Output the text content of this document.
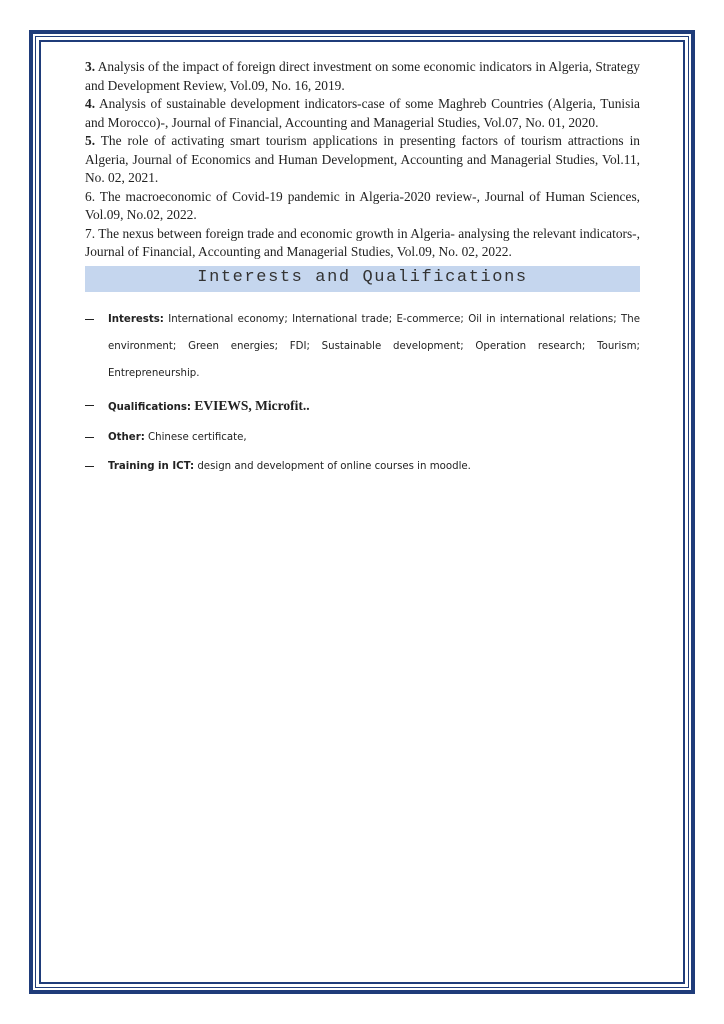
3. Analysis of the impact of foreign direct investment on some economic indicators in Algeria, Strategy and Development Review, Vol.09, No. 16, 2019.

4. Analysis of sustainable development indicators-case of some Maghreb Countries (Algeria, Tunisia and Morocco)-, Journal of Financial, Accounting and Managerial Studies, Vol.07, No. 01, 2020.

5. The role of activating smart tourism applications in presenting factors of tourism attractions in Algeria, Journal of Economics and Human Development, Accounting and Managerial Studies, Vol.11, No. 02, 2021.

6. The macroeconomic of Covid-19 pandemic in Algeria-2020 review-, Journal of Human Sciences, Vol.09, No.02, 2022.

7. The nexus between foreign trade and economic growth in Algeria- analysing the relevant indicators-, Journal of Financial, Accounting and Managerial Studies, Vol.09, No. 02, 2022.

Interests and Qualifications
Interests: International economy; International trade; E-commerce; Oil in international relations; The environment; Green energies; FDI; Sustainable development; Operation research; Tourism; Entrepreneurship.
Qualifications: EVIEWS, Microfit..
Other: Chinese certificate,
Training in ICT: design and development of online courses in moodle.
